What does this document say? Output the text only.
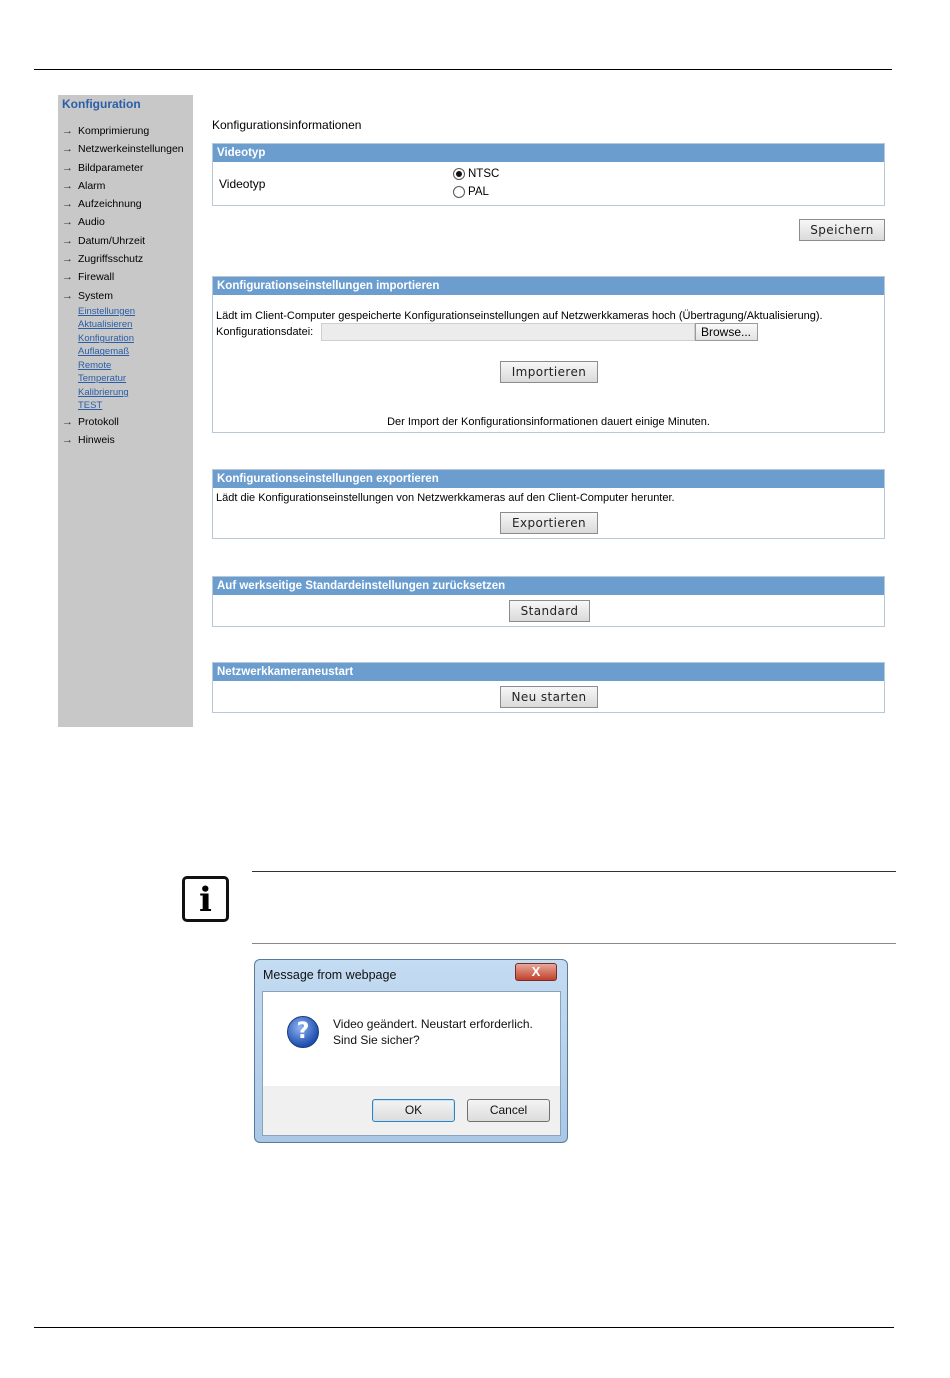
Konfiguration
→ Komprimierung
→ Netzwerkeinstellungen
→ Bildparameter
→ Alarm
→ Aufzeichnung
→ Audio
→ Datum/Uhrzeit
→ Zugriffsschutz
→ Firewall
→ System
Einstellungen
Aktualisieren
Konfiguration
Auflagemaß
Remote
Temperatur
Kalibrierung
TEST
→ Protokoll
→ Hinweis
Konfigurationsinformationen
Videotyp
Videotyp
NTSC
PAL
Speichern
Konfigurationseinstellungen importieren
Lädt im Client-Computer gespeicherte Konfigurationseinstellungen auf Netzwerkkameras hoch (Übertragung/Aktualisierung).
Konfigurationsdatei:	Browse...
Importieren
Der Import der Konfigurationsinformationen dauert einige Minuten.
Konfigurationseinstellungen exportieren
Lädt die Konfigurationseinstellungen von Netzwerkkameras auf den Client-Computer herunter.
Exportieren
Auf werkseitige Standardeinstellungen zurücksetzen
Standard
Netzwerkkameraneustart
Neu starten
i
Message from webpage	X
?	Video geändert. Neustart erforderlich.
Sind Sie sicher?
OK	Cancel
